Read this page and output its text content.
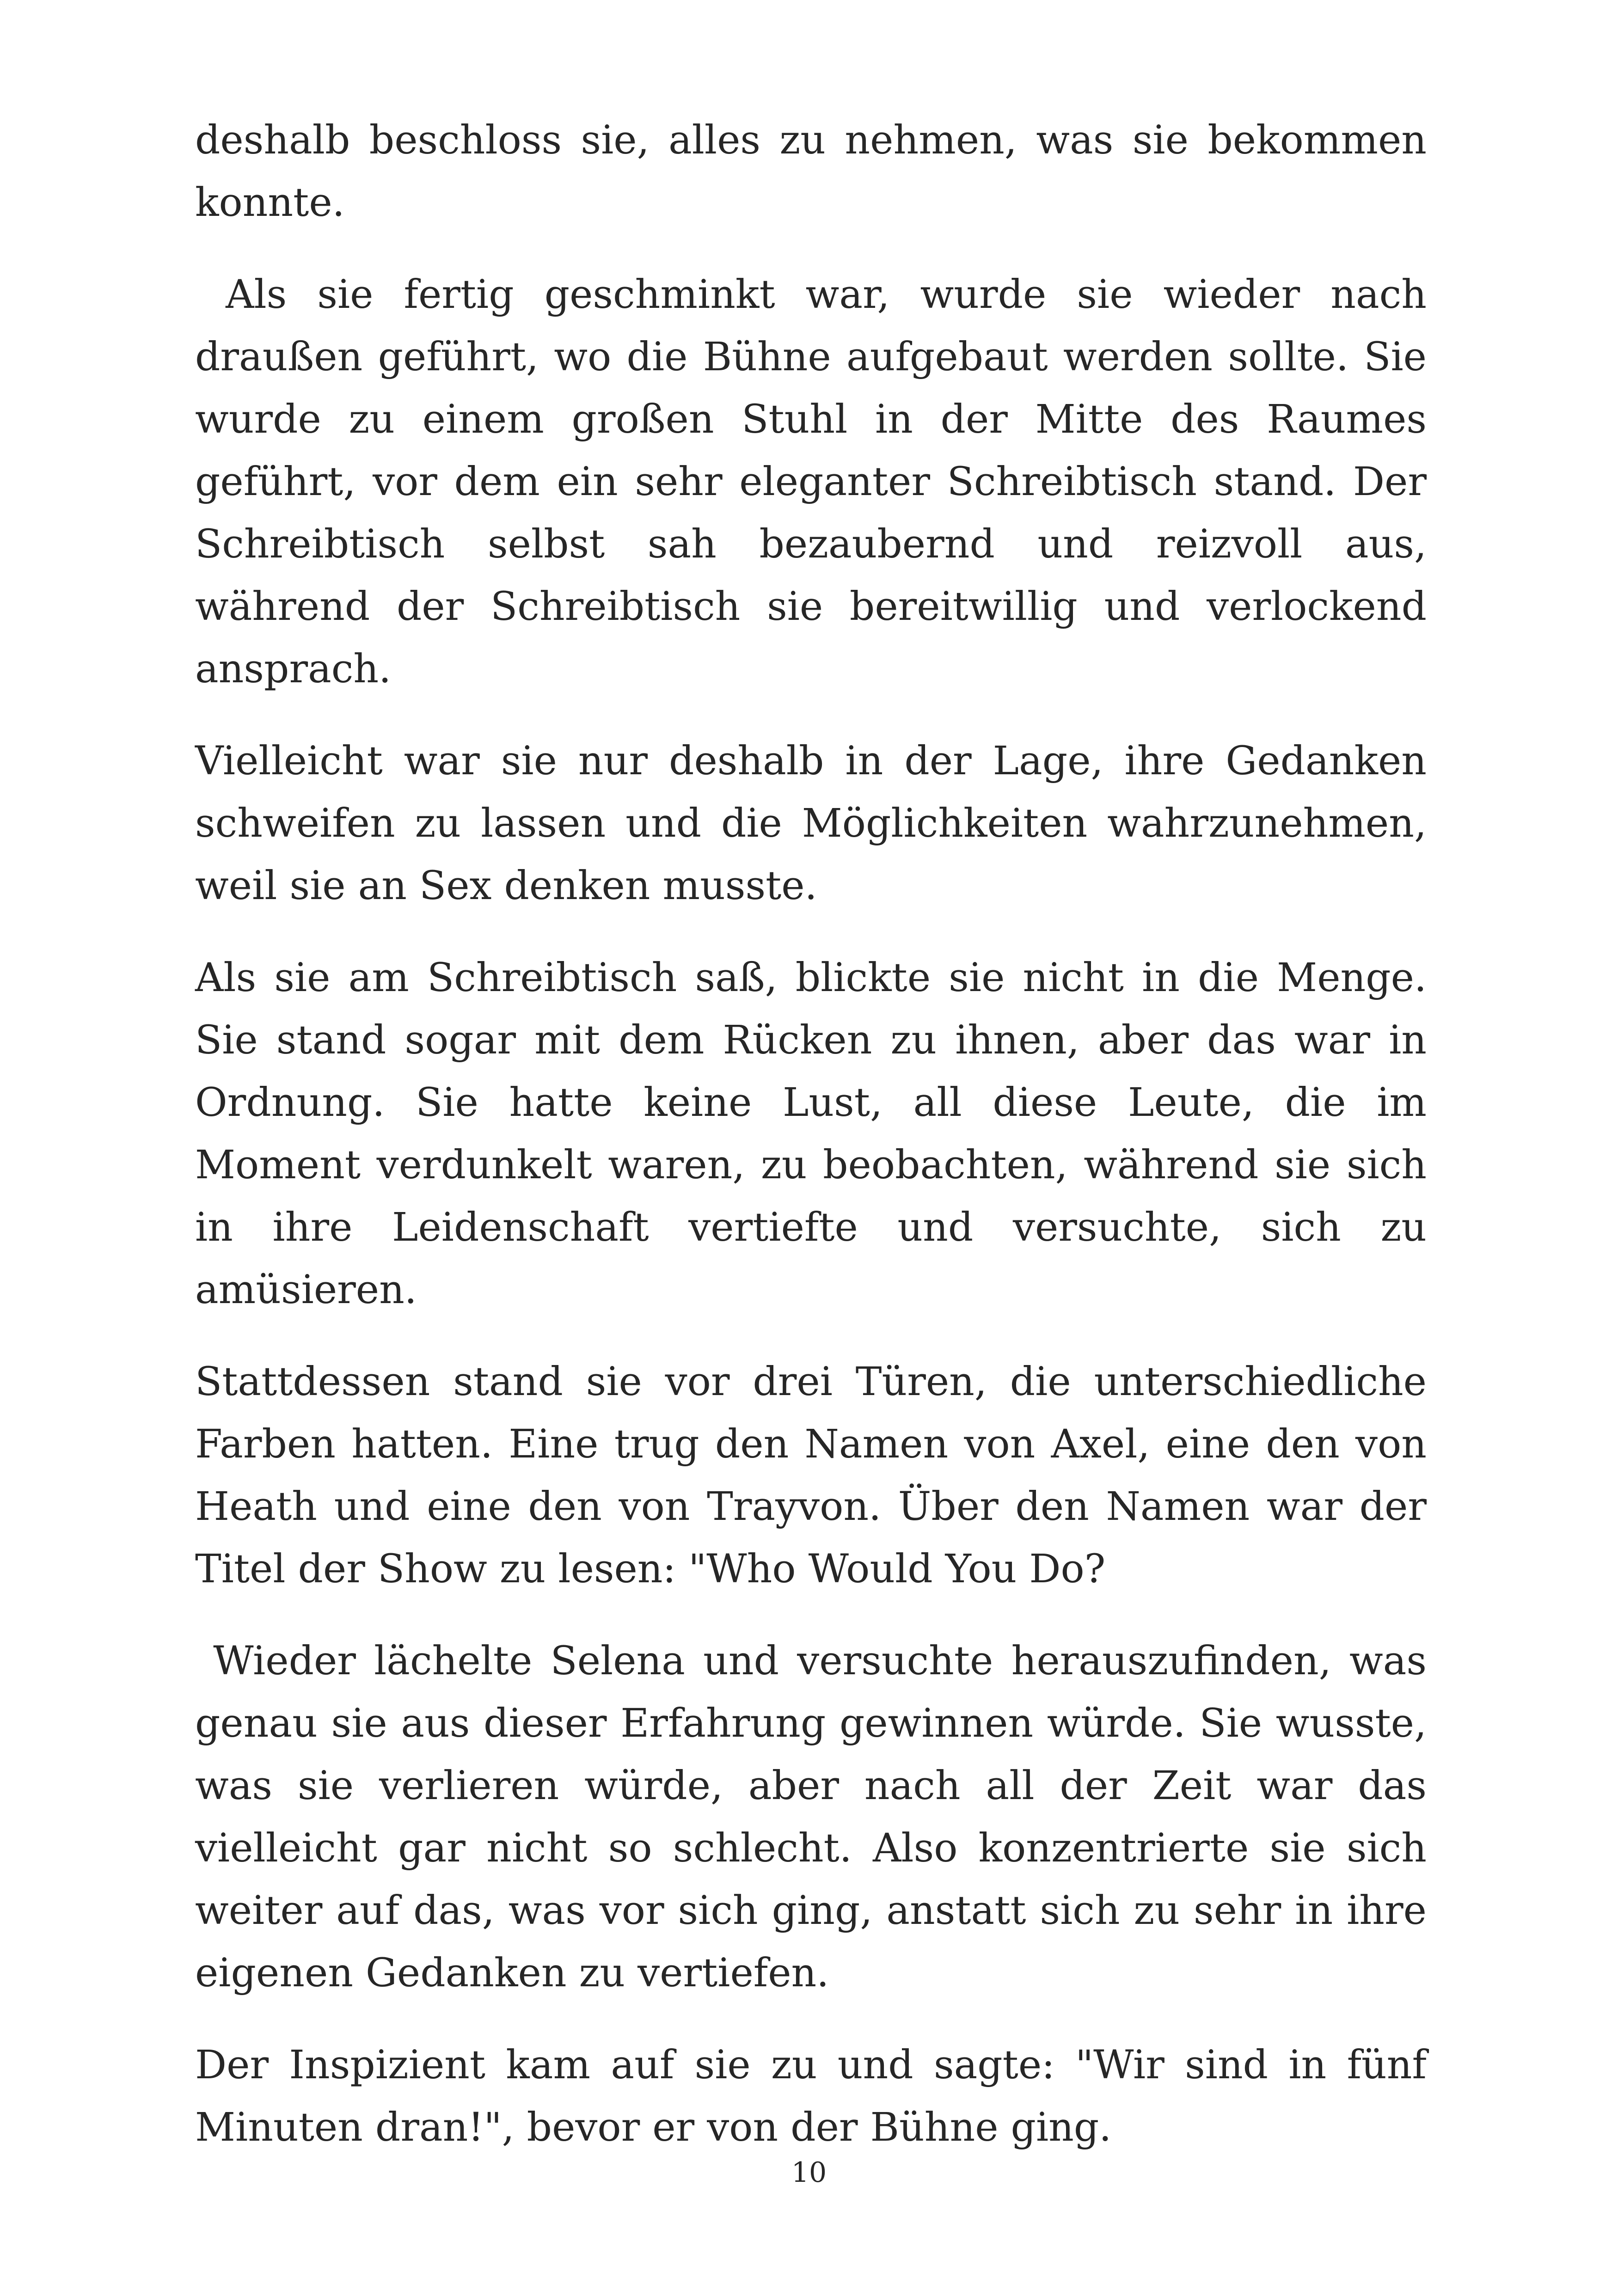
deshalb beschloss sie, alles zu nehmen, was sie bekommen konnte.

Als sie fertig geschminkt war, wurde sie wieder nach draußen geführt, wo die Bühne aufgebaut werden sollte. Sie wurde zu einem großen Stuhl in der Mitte des Raumes geführt, vor dem ein sehr eleganter Schreibtisch stand. Der Schreibtisch selbst sah bezaubernd und reizvoll aus, während der Schreibtisch sie bereitwillig und verlockend ansprach.

Vielleicht war sie nur deshalb in der Lage, ihre Gedanken schweifen zu lassen und die Möglichkeiten wahrzunehmen, weil sie an Sex denken musste.

Als sie am Schreibtisch saß, blickte sie nicht in die Menge. Sie stand sogar mit dem Rücken zu ihnen, aber das war in Ordnung. Sie hatte keine Lust, all diese Leute, die im Moment verdunkelt waren, zu beobachten, während sie sich in ihre Leidenschaft vertiefte und versuchte, sich zu amüsieren.

Stattdessen stand sie vor drei Türen, die unterschiedliche Farben hatten. Eine trug den Namen von Axel, eine den von Heath und eine den von Trayvon. Über den Namen war der Titel der Show zu lesen: "Who Would You Do?

Wieder lächelte Selena und versuchte herauszufinden, was genau sie aus dieser Erfahrung gewinnen würde. Sie wusste, was sie verlieren würde, aber nach all der Zeit war das vielleicht gar nicht so schlecht. Also konzentrierte sie sich weiter auf das, was vor sich ging, anstatt sich zu sehr in ihre eigenen Gedanken zu vertiefen.

Der Inspizient kam auf sie zu und sagte: "Wir sind in fünf Minuten dran!", bevor er von der Bühne ging.

10
